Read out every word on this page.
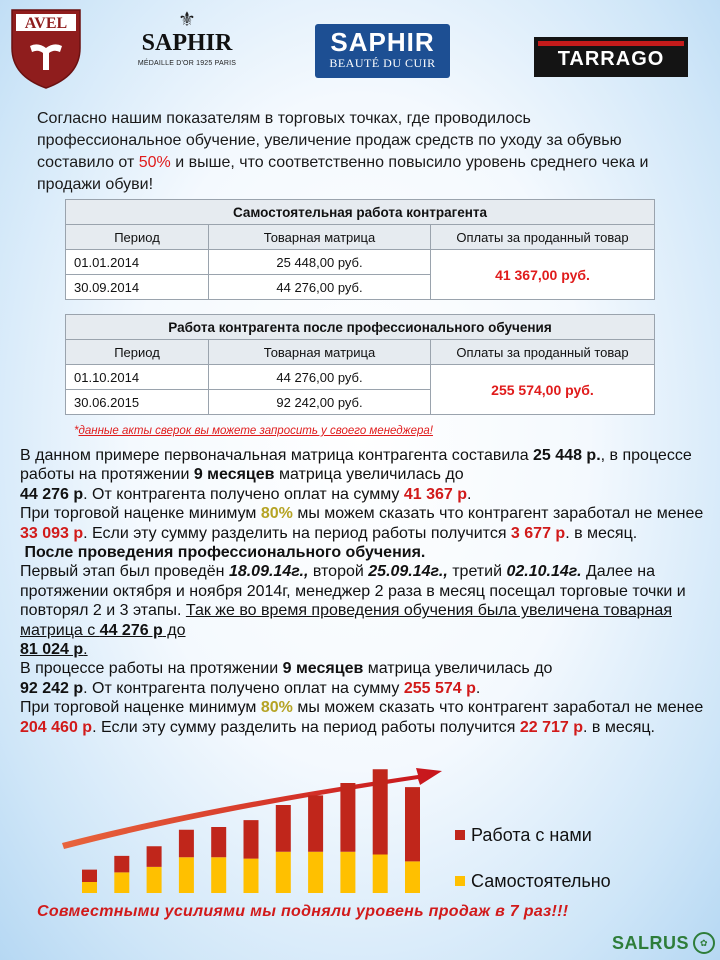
AVEL	⚜
SAPHIR
MÉDAILLE D'OR 1925 PARIS
SAPHIR
BEAUTÉ DU CUIR	TARRAGO
Согласно нашим показателям в торговых точках, где проводилось профессиональное обучение, увеличение продаж средств по уходу за обувью составило от 50% и выше, что соответственно повысило уровень среднего чека и продажи обуви!
Самостоятельная работа контрагента		
Период	Товарная матрица	Оплаты за проданный товар
01.01.2014	25 448,00 руб.	41 367,00 руб.
30.09.2014	44 276,00 руб.	
Работа контрагента после профессионального обучения		
Период	Товарная матрица	Оплаты за проданный товар
01.10.2014	44 276,00 руб.	255 574,00 руб.
30.06.2015	92 242,00 руб.	
*данные акты сверок вы можете запросить у своего менеджера!

В данном примере первоначальная матрица контрагента составила 25 448 р., в процессе работы на протяжении 9 месяцев матрица увеличилась до
44 276 р. От контрагента получено оплат на сумму 41 367 р.

При торговой наценке минимум 80% мы можем сказать что контрагент заработал не менее 33 093 р. Если эту сумму разделить на период работы получится 3 677 р. в месяц.

После проведения профессионального обучения.

Первый этап был проведён 18.09.14г., второй 25.09.14г., третий 02.10.14г. Далее на протяжении октября и ноября 2014г, менеджер 2 раза в месяц посещал торговые точки и повторял 2 и 3 этапы. Так же во время проведения обучения была увеличена товарная матрица с 44 276 р до
81 024 р.

В процессе работы на протяжении 9 месяцев матрица увеличилась до
92 242 р. От контрагента получено оплат на сумму 255 574 р.

При торговой наценке минимум 80% мы можем сказать что контрагент заработал не менее 204 460 р. Если эту сумму разделить на период работы получится 22 717 р. в месяц.

Работа с нами
Самостоятельно
Совместными усилиями мы подняли уровень продаж в 7 раз!!!
SALRUS	✿
